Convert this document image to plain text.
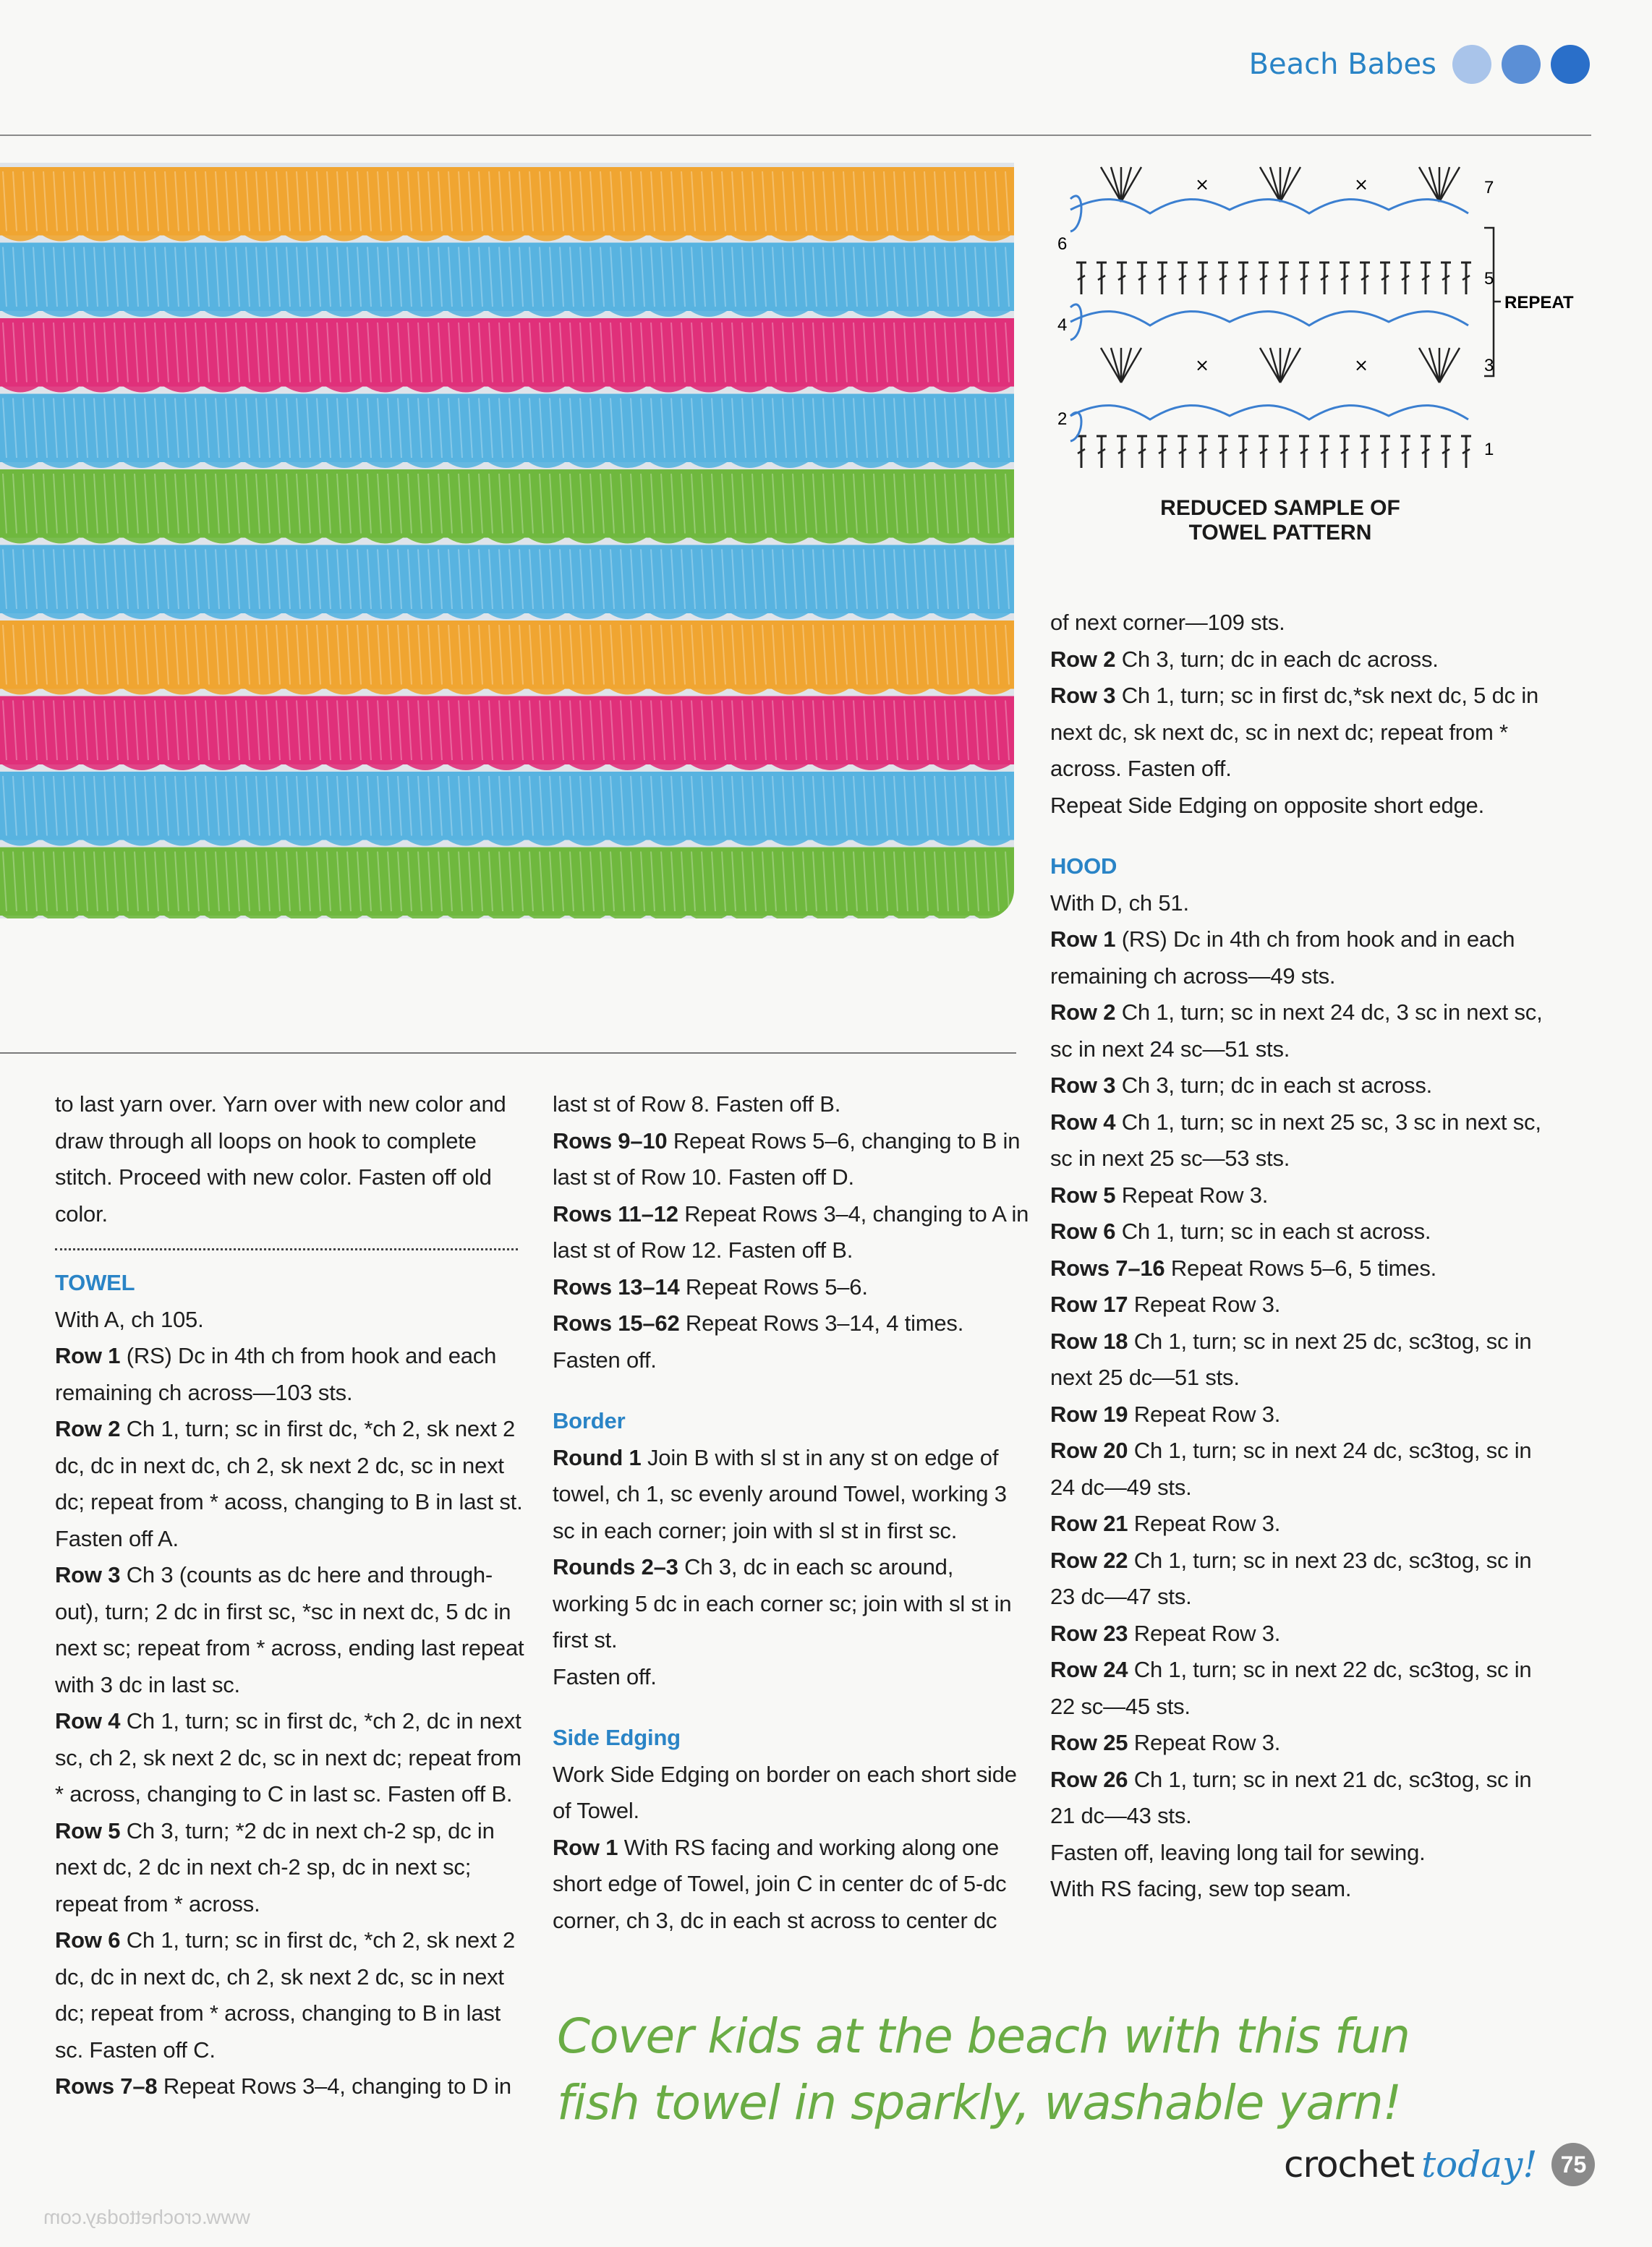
Beach Babes
×	×
×	×
6
4
2
7
5
3
1
REPEAT
REDUCED SAMPLE OF
TOWEL PATTERN

to last yarn over. Yarn over with new color and draw through all loops on hook to complete stitch. Proceed with new color. Fasten off old color.

TOWEL

With A, ch 105.

Row 1 (RS) Dc in 4th ch from hook and each remaining ch across—103 sts.

Row 2 Ch 1, turn; sc in first dc, *ch 2, sk next 2 dc, dc in next dc, ch 2, sk next 2 dc, sc in next dc; repeat from * acoss, changing to B in last st. Fasten off A.

Row 3 Ch 3 (counts as dc here and through-out), turn; 2 dc in first sc, *sc in next dc, 5 dc in next sc; repeat from * across, ending last repeat with 3 dc in last sc.

Row 4 Ch 1, turn; sc in first dc, *ch 2, dc in next sc, ch 2, sk next 2 dc, sc in next dc; repeat from * across, changing to C in last sc. Fasten off B.

Row 5 Ch 3, turn; *2 dc in next ch-2 sp, dc in next dc, 2 dc in next ch-2 sp, dc in next sc; repeat from * across.

Row 6 Ch 1, turn; sc in first dc, *ch 2, sk next 2 dc, dc in next dc, ch 2, sk next 2 dc, sc in next dc; repeat from * across, changing to B in last sc. Fasten off C.

Rows 7–8 Repeat Rows 3–4, changing to D in

last st of Row 8. Fasten off B.

Rows 9–10 Repeat Rows 5–6, changing to B in last st of Row 10. Fasten off D.

Rows 11–12 Repeat Rows 3–4, changing to A in last st of Row 12. Fasten off B.

Rows 13–14 Repeat Rows 5–6.

Rows 15–62 Repeat Rows 3–14, 4 times.

Fasten off.

Border

Round 1 Join B with sl st in any st on edge of towel, ch 1, sc evenly around Towel, working 3 sc in each corner; join with sl st in first sc.

Rounds 2–3 Ch 3, dc in each sc around, working 5 dc in each corner sc; join with sl st in first st.

Fasten off.

Side Edging

Work Side Edging on border on each short side of Towel.

Row 1 With RS facing and working along one short edge of Towel, join C in center dc of 5-dc corner, ch 3, dc in each st across to center dc

of next corner—109 sts.

Row 2 Ch 3, turn; dc in each dc across.

Row 3 Ch 1, turn; sc in first dc,*sk next dc, 5 dc in next dc, sk next dc, sc in next dc; repeat from * across. Fasten off.

Repeat Side Edging on opposite short edge.

HOOD

With D, ch 51.

Row 1 (RS) Dc in 4th ch from hook and in each remaining ch across—49 sts.

Row 2 Ch 1, turn; sc in next 24 dc, 3 sc in next sc, sc in next 24 sc—51 sts.

Row 3 Ch 3, turn; dc in each st across.

Row 4 Ch 1, turn; sc in next 25 sc, 3 sc in next sc, sc in next 25 sc—53 sts.

Row 5 Repeat Row 3.

Row 6 Ch 1, turn; sc in each st across.

Rows 7–16 Repeat Rows 5–6, 5 times.

Row 17 Repeat Row 3.

Row 18 Ch 1, turn; sc in next 25 dc, sc3tog, sc in next 25 dc—51 sts.

Row 19 Repeat Row 3.

Row 20 Ch 1, turn; sc in next 24 dc, sc3tog, sc in 24 dc—49 sts.

Row 21 Repeat Row 3.

Row 22 Ch 1, turn; sc in next 23 dc, sc3tog, sc in 23 dc—47 sts.

Row 23 Repeat Row 3.

Row 24 Ch 1, turn; sc in next 22 dc, sc3tog, sc in 22 sc—45 sts.

Row 25 Repeat Row 3.

Row 26 Ch 1, turn; sc in next 21 dc, sc3tog, sc in 21 dc—43 sts.

Fasten off, leaving long tail for sewing.

With RS facing, sew top seam.

Cover kids at the beach with this fun
fish towel in sparkly, washable yarn!
crochet today!	75
www.crochettoday.com
